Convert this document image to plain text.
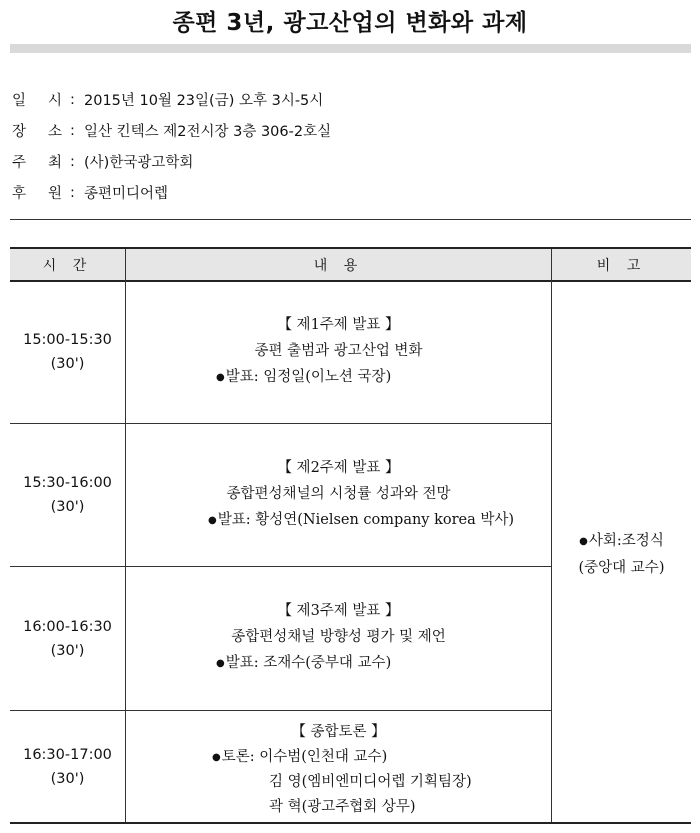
종편 3년, 광고산업의 변화와 과제
일 시 : 2015년 10월 23일(금) 오후 3시-5시
장 소 : 일산 킨텍스 제2전시장 3층 306-2호실
주 최 : (사)한국광고학회
후 원 : 종편미디어렙
시 간	내 용	비 고
15:00-15:30
(30')
【 제1주제 발표 】
종편 출범과 광고산업 변화
●발표: 임정일(이노션 국장)
15:30-16:00
(30')
【 제2주제 발표 】
종합편성채널의 시청률 성과와 전망
●발표: 황성연(Nielsen company korea 박사)
16:00-16:30
(30')
【 제3주제 발표 】
종합편성채널 방향성 평가 및 제언
●발표: 조재수(중부대 교수)
16:30-17:00
(30')
【 종합토론 】
●토론: 이수범(인천대 교수)
김 영(엠비엔미디어렙 기획팀장)
곽 혁(광고주협회 상무)
●사회:조정식
(중앙대 교수)
